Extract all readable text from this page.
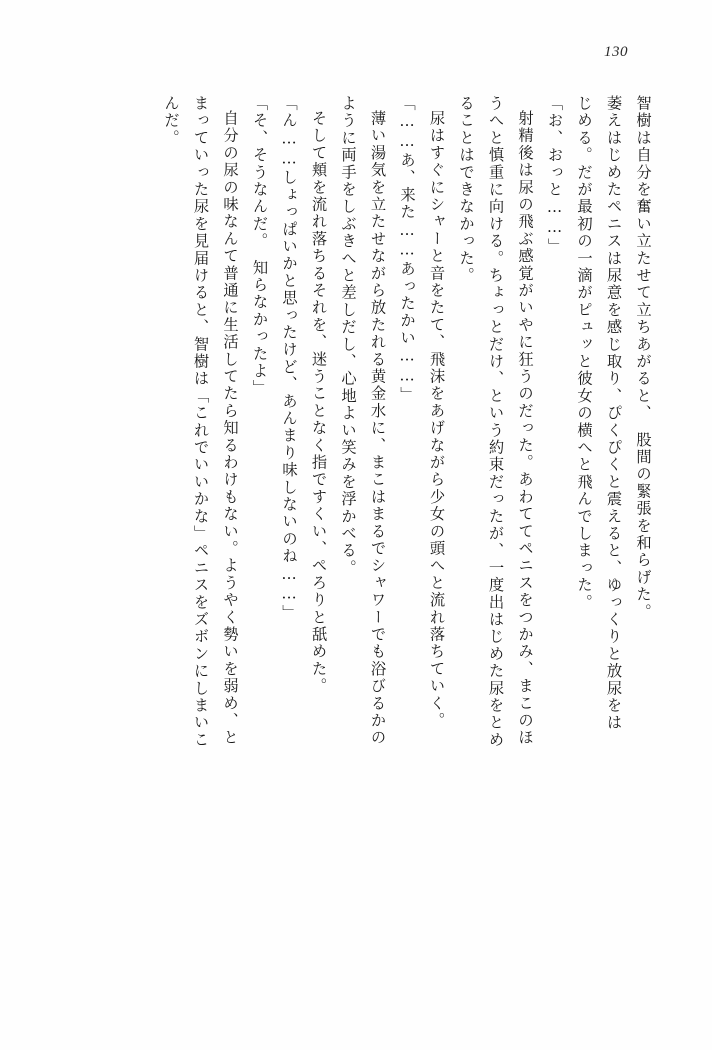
130
智樹は自分を奮い立たせて立ちあがると、　股間の緊張を和らげた。
萎えはじめたペニスは尿意を感じ取り、ぴくぴくと震えると、ゆっくりと放尿をは
じめる。だが最初の一滴がピュッと彼女の横へと飛んでしまった。
「お、おっと……」
射精後は尿の飛ぶ感覚がいやに狂うのだった。あわててペニスをつかみ、まこのほ
うへと慎重に向ける。ちょっとだけ、という約束だったが、一度出はじめた尿をとめ
ることはできなかった。
尿はすぐにシャーと音をたて、飛沫をあげながら少女の頭へと流れ落ちていく。
「……あ、来た……あったかい……」
薄い湯気を立たせながら放たれる黄金水に、まこはまるでシャワーでも浴びるかの
ように両手をしぶきへと差しだし、心地よい笑みを浮かべる。
そして頬を流れ落ちるそれを、迷うことなく指ですくい、ぺろりと舐めた。
「ん……しょっぱいかと思ったけど、あんまり味しないのね……」
「そ、そうなんだ。　知らなかったよ」
自分の尿の味なんて普通に生活してたら知るわけもない。ようやく勢いを弱め、と
まっていった尿を見届けると、智樹は「これでいいかな」ペニスをズボンにしまいこ
んだ。
